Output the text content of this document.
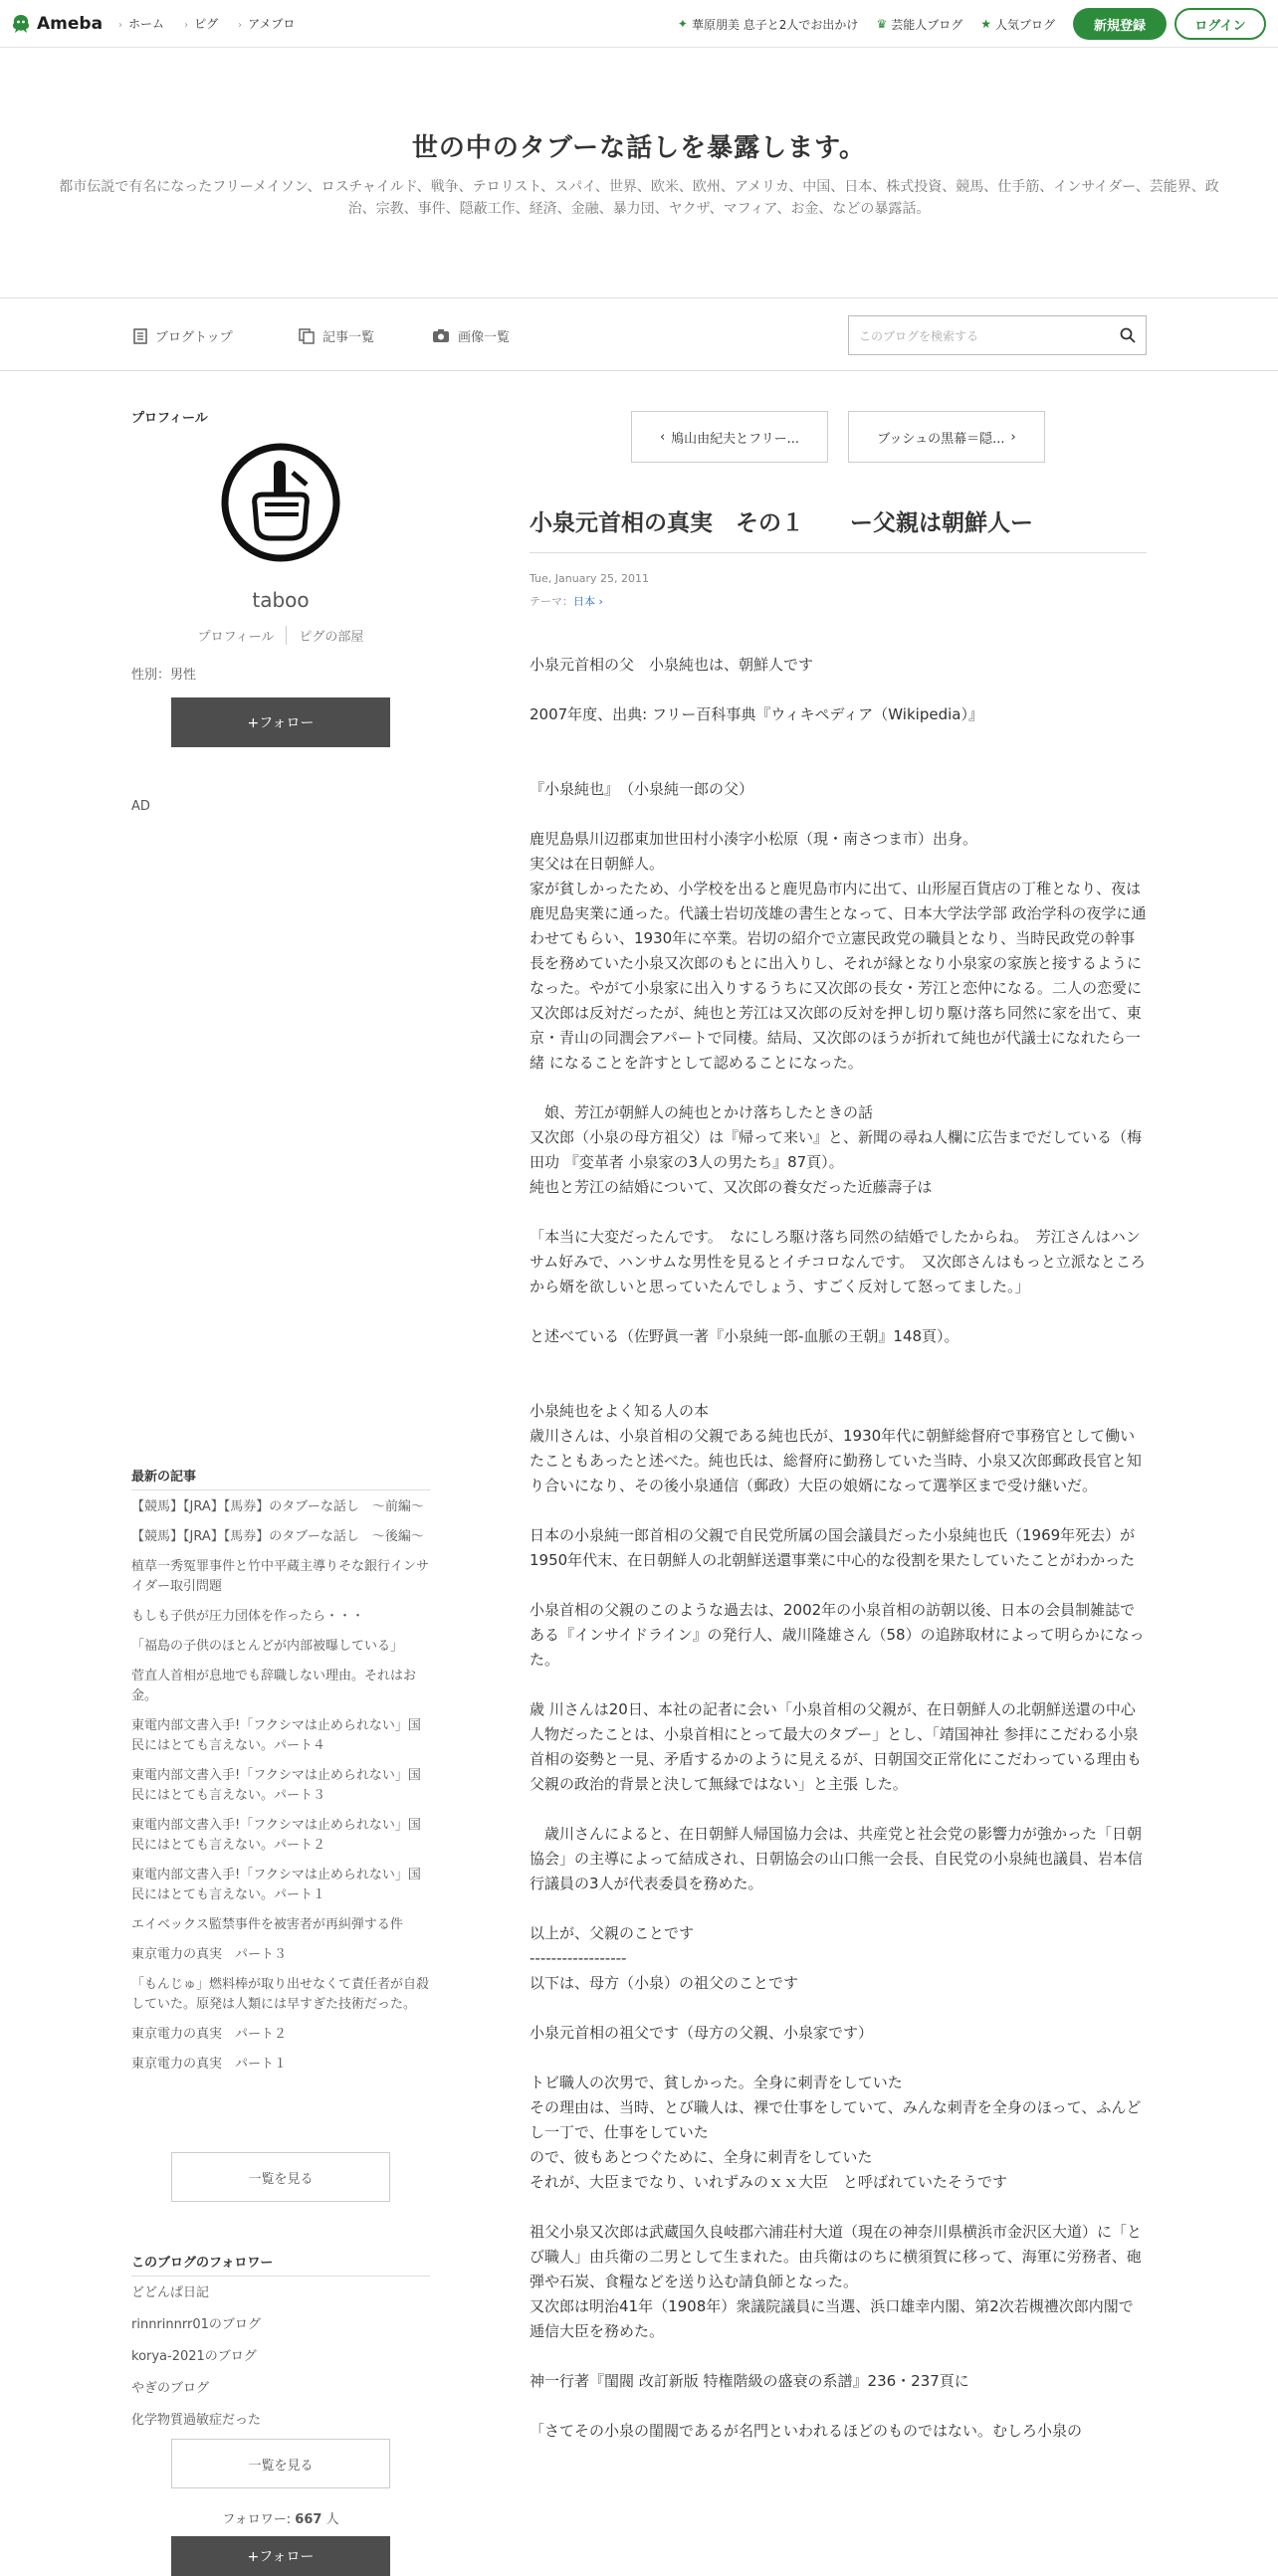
Ameba › ホーム › ピグ › アメブロ	✦ 華原朋美 息子と2人でお出かけ ♛ 芸能人ブログ ★ 人気ブログ	新規登録	ログイン
世の中のタブーな話しを暴露します。
都市伝説で有名になったフリーメイソン、ロスチャイルド、戦争、テロリスト、スパイ、世界、欧米、欧州、アメリカ、中国、日本、株式投資、競馬、仕手筋、インサイダー、芸能界、政治、宗教、事件、隠蔽工作、経済、金融、暴力団、ヤクザ、マフィア、お金、などの暴露話。
ブログトップ	記事一覧	画像一覧	このブログを検索する
プロフィール
taboo
プロフィール	ピグの部屋
性別：男性
+フォロー
AD
最新の記事
【競馬】【JRA】【馬券】のタブーな話し　〜前編〜
【競馬】【JRA】【馬券】のタブーな話し　〜後編〜
植草一秀冤罪事件と竹中平蔵主導りそな銀行インサイダー取引問題
もしも子供が圧力団体を作ったら・・・
「福島の子供のほとんどが内部被曝している」
菅直人首相が息地でも辞職しない理由。それはお金。
東電内部文書入手!「フクシマは止められない」国民にはとても言えない。パート４
東電内部文書入手!「フクシマは止められない」国民にはとても言えない。パート３
東電内部文書入手!「フクシマは止められない」国民にはとても言えない。パート２
東電内部文書入手!「フクシマは止められない」国民にはとても言えない。パート１
エイベックス監禁事件を被害者が再糾弾する件
東京電力の真実　パート３
「もんじゅ」燃料棒が取り出せなくて責任者が自殺していた。原発は人類には早すぎた技術だった。
東京電力の真実　パート２
東京電力の真実　パート１
一覧を見る
このブログのフォロワー
どどんぱ日記
rinnrinnrr01のブログ
korya-2021のブログ
やぎのブログ
化学物質過敏症だった
一覧を見る
フォロワー: 667 人
+フォロー
‹ 鳩山由紀夫とフリー...	ブッシュの黒幕＝隠... ›
小泉元首相の真実　その１　　ー父親は朝鮮人ー
Tue, January 25, 2011
テーマ：日本 ›

小泉元首相の父　小泉純也は、朝鮮人です

2007年度、出典: フリー百科事典『ウィキペディア（Wikipedia）』

『小泉純也』　（小泉純一郎の父）

鹿児島県川辺郡東加世田村小湊字小松原（現・南さつま市）出身。

実父は在日朝鮮人。

家が貧しかったため、小学校を出ると鹿児島市内に出て、山形屋百貨店の丁稚となり、夜は鹿児島実業に通った。代議士岩切茂雄の書生となって、日本大学法学部 政治学科の夜学に通わせてもらい、1930年に卒業。岩切の紹介で立憲民政党の職員となり、当時民政党の幹事長を務めていた小泉又次郎のもとに出入りし、それが縁となり小泉家の家族と接するようになった。やがて小泉家に出入りするうちに又次郎の長女・芳江と恋仲になる。二人の恋愛に又次郎は反対だったが、純也と芳江は又次郎の反対を押し切り駆け落ち同然に家を出て、東京・青山の同潤会アパートで同棲。結局、又次郎のほうが折れて純也が代議士になれたら一緒 になることを許すとして認めることになった。

　娘、芳江が朝鮮人の純也とかけ落ちしたときの話

又次郎（小泉の母方祖父）は『帰って来い』と、新聞の尋ね人欄に広告までだしている（梅田功 『変革者 小泉家の3人の男たち』87頁）。

純也と芳江の結婚について、又次郎の養女だった近藤壽子は

「本当に大変だったんです。　なにしろ駆け落ち同然の結婚でしたからね。　芳江さんはハンサム好みで、ハンサムな男性を見るとイチコロなんです。　又次郎さんはもっと立派なところから婿を欲しいと思っていたんでしょう、すごく反対して怒ってました。」

と述べている（佐野眞一著『小泉純一郎-血脈の王朝』148頁）。

小泉純也をよく知る人の本

歳川さんは、小泉首相の父親である純也氏が、1930年代に朝鮮総督府で事務官として働いたこともあったと述べた。純也氏は、総督府に勤務していた当時、小泉又次郎郵政長官と知り合いになり、その後小泉通信（郵政）大臣の娘婿になって選挙区まで受け継いだ。

日本の小泉純一郎首相の父親で自民党所属の国会議員だった小泉純也氏（1969年死去）が1950年代末、在日朝鮮人の北朝鮮送還事業に中心的な役割を果たしていたことがわかった

小泉首相の父親のこのような過去は、2002年の小泉首相の訪朝以後、日本の会員制雑誌である『インサイドライン』の発行人、歳川隆雄さん（58）の追跡取材によって明らかになった。

歳 川さんは20日、本社の記者に会い「小泉首相の父親が、在日朝鮮人の北朝鮮送還の中心人物だったことは、小泉首相にとって最大のタブー」とし、「靖国神社 参拝にこだわる小泉首相の姿勢と一見、矛盾するかのように見えるが、日朝国交正常化にこだわっている理由も父親の政治的背景と決して無縁ではない」と主張 した。

　歳川さんによると、在日朝鮮人帰国協力会は、共産党と社会党の影響力が強かった「日朝協会」の主導によって結成され、日朝協会の山口熊一会長、自民党の小泉純也議員、岩本信行議員の3人が代表委員を務めた。

以上が、父親のことです

------------------

以下は、母方（小泉）の祖父のことです

小泉元首相の祖父です（母方の父親、小泉家です）

トビ職人の次男で、貧しかった。全身に刺青をしていた

その理由は、当時、とび職人は、裸で仕事をしていて、みんな刺青を全身のほって、ふんどし一丁で、仕事をしていた

ので、彼もあとつぐために、全身に刺青をしていた

それが、大臣までなり、いれずみのｘｘ大臣　と呼ばれていたそうです

祖父小泉又次郎は武蔵国久良岐郡六浦荘村大道（現在の神奈川県横浜市金沢区大道）に「とび職人」由兵衛の二男として生まれた。由兵衛はのちに横須賀に移って、海軍に労務者、砲弾や石炭、食糧などを送り込む請負師となった。

又次郎は明治41年（1908年）衆議院議員に当選、浜口雄幸内閣、第2次若槻禮次郎内閣で逓信大臣を務めた。

神一行著『閨閥 改訂新版 特権階級の盛衰の系譜』236・237頁に

「さてその小泉の閨閥であるが名門といわれるほどのものではない。むしろ小泉の
